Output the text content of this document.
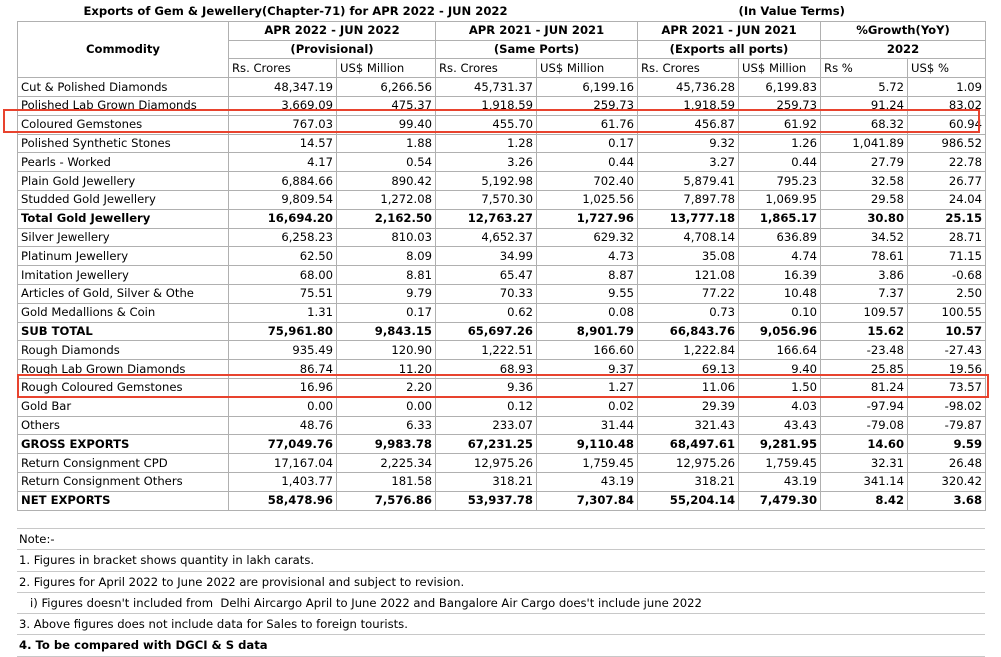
Exports of Gem & Jewellery(Chapter-71) for APR 2022 - JUN 2022						(In Value Terms)		
Commodity	APR 2022 - JUN 2022		APR 2021 - JUN 2021		APR 2021 - JUN 2021		%Growth(YoY)	
	(Provisional)		(Same Ports)		(Exports all ports)		2022	
	Rs. Crores	US$ Million	Rs. Crores	US$ Million	Rs. Crores	US$ Million	Rs %	US$ %
Cut & Polished Diamonds	48,347.19	6,266.56	45,731.37	6,199.16	45,736.28	6,199.83	5.72	1.09
Polished Lab Grown Diamonds	3,669.09	475.37	1,918.59	259.73	1,918.59	259.73	91.24	83.02
Coloured Gemstones	767.03	99.40	455.70	61.76	456.87	61.92	68.32	60.94
Polished Synthetic Stones	14.57	1.88	1.28	0.17	9.32	1.26	1,041.89	986.52
Pearls - Worked	4.17	0.54	3.26	0.44	3.27	0.44	27.79	22.78
Plain Gold Jewellery	6,884.66	890.42	5,192.98	702.40	5,879.41	795.23	32.58	26.77
Studded Gold Jewellery	9,809.54	1,272.08	7,570.30	1,025.56	7,897.78	1,069.95	29.58	24.04
Total Gold Jewellery	16,694.20	2,162.50	12,763.27	1,727.96	13,777.18	1,865.17	30.80	25.15
Silver Jewellery	6,258.23	810.03	4,652.37	629.32	4,708.14	636.89	34.52	28.71
Platinum Jewellery	62.50	8.09	34.99	4.73	35.08	4.74	78.61	71.15
Imitation Jewellery	68.00	8.81	65.47	8.87	121.08	16.39	3.86	-0.68
Articles of Gold, Silver & Othe	75.51	9.79	70.33	9.55	77.22	10.48	7.37	2.50
Gold Medallions & Coin	1.31	0.17	0.62	0.08	0.73	0.10	109.57	100.55
SUB TOTAL	75,961.80	9,843.15	65,697.26	8,901.79	66,843.76	9,056.96	15.62	10.57
Rough Diamonds	935.49	120.90	1,222.51	166.60	1,222.84	166.64	-23.48	-27.43
Rough Lab Grown Diamonds	86.74	11.20	68.93	9.37	69.13	9.40	25.85	19.56
Rough Coloured Gemstones	16.96	2.20	9.36	1.27	11.06	1.50	81.24	73.57
Gold Bar	0.00	0.00	0.12	0.02	29.39	4.03	-97.94	-98.02
Others	48.76	6.33	233.07	31.44	321.43	43.43	-79.08	-79.87
GROSS EXPORTS	77,049.76	9,983.78	67,231.25	9,110.48	68,497.61	9,281.95	14.60	9.59
Return Consignment CPD	17,167.04	2,225.34	12,975.26	1,759.45	12,975.26	1,759.45	32.31	26.48
Return Consignment Others	1,403.77	181.58	318.21	43.19	318.21	43.19	341.14	320.42
NET EXPORTS	58,478.96	7,576.86	53,937.78	7,307.84	55,204.14	7,479.30	8.42	3.68
Note:-
1. Figures in bracket shows quantity in lakh carats.
2. Figures for April 2022 to June 2022 are provisional and subject to revision.
i) Figures doesn't included from  Delhi Aircargo April to June 2022 and Bangalore Air Cargo does't include june 2022
3. Above figures does not include data for Sales to foreign tourists.
4. To be compared with DGCI & S data
